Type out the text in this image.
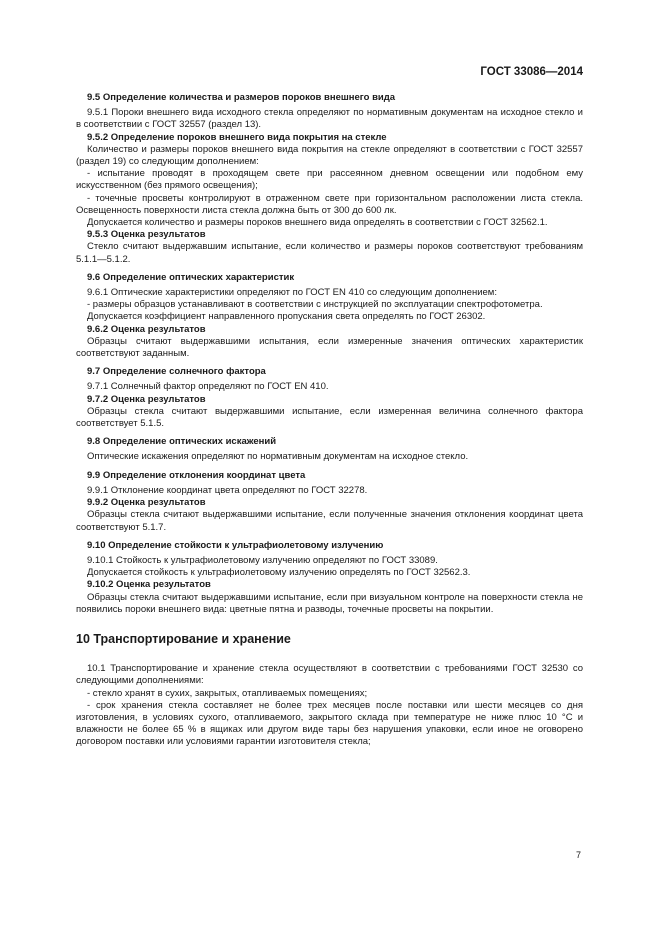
ГОСТ 33086—2014

9.5 Определение количества и размеров пороков внешнего вида

9.5.1 Пороки внешнего вида исходного стекла определяют по нормативным документам на исходное стекло и в соответствии с ГОСТ 32557 (раздел 13).

9.5.2 Определение пороков внешнего вида покрытия на стекле

Количество и размеры пороков внешнего вида покрытия на стекле определяют в соответствии с ГОСТ 32557 (раздел 19) со следующим дополнением:

- испытание проводят в проходящем свете при рассеянном дневном освещении или подобном ему искусственном (без прямого освещения);

- точечные просветы контролируют в отраженном свете при горизонтальном расположении листа стекла. Освещенность поверхности листа стекла должна быть от 300 до 600 лк.

Допускается количество и размеры пороков внешнего вида определять в соответствии с ГОСТ 32562.1.

9.5.3 Оценка результатов

Стекло считают выдержавшим испытание, если количество и размеры пороков соответствуют требованиям 5.1.1—5.1.2.

9.6 Определение оптических характеристик

9.6.1 Оптические характеристики определяют по ГОСТ EN 410 со следующим дополнением:

- размеры образцов устанавливают в соответствии с инструкцией по эксплуатации спектрофотометра.

Допускается коэффициент направленного пропускания света определять по ГОСТ 26302.

9.6.2 Оценка результатов

Образцы считают выдержавшими испытания, если измеренные значения оптических характеристик соответствуют заданным.

9.7 Определение солнечного фактора

9.7.1 Солнечный фактор определяют по ГОСТ EN 410.

9.7.2 Оценка результатов

Образцы стекла считают выдержавшими испытание, если измеренная величина солнечного фактора соответствует 5.1.5.

9.8 Определение оптических искажений

Оптические искажения определяют по нормативным документам на исходное стекло.

9.9 Определение отклонения координат цвета

9.9.1 Отклонение координат цвета определяют по ГОСТ 32278.

9.9.2 Оценка результатов

Образцы стекла считают выдержавшими испытание, если полученные значения отклонения координат цвета соответствуют 5.1.7.

9.10 Определение стойкости к ультрафиолетовому излучению

9.10.1 Стойкость к ультрафиолетовому излучению определяют по ГОСТ 33089.

Допускается стойкость к ультрафиолетовому излучению определять по ГОСТ 32562.3.

9.10.2 Оценка результатов

Образцы стекла считают выдержавшими испытание, если при визуальном контроле на поверхности стекла не появились пороки внешнего вида: цветные пятна и разводы, точечные просветы на покрытии.

10 Транспортирование и хранение

10.1 Транспортирование и хранение стекла осуществляют в соответствии с требованиями ГОСТ 32530 со следующими дополнениями:

- стекло хранят в сухих, закрытых, отапливаемых помещениях;

- срок хранения стекла составляет не более трех месяцев после поставки или шести месяцев со дня изготовления, в условиях сухого, отапливаемого, закрытого склада при температуре не ниже плюс 10 °С и влажности не более 65 % в ящиках или другом виде тары без нарушения упаковки, если иное не оговорено договором поставки или условиями гарантии изготовителя стекла;

7
